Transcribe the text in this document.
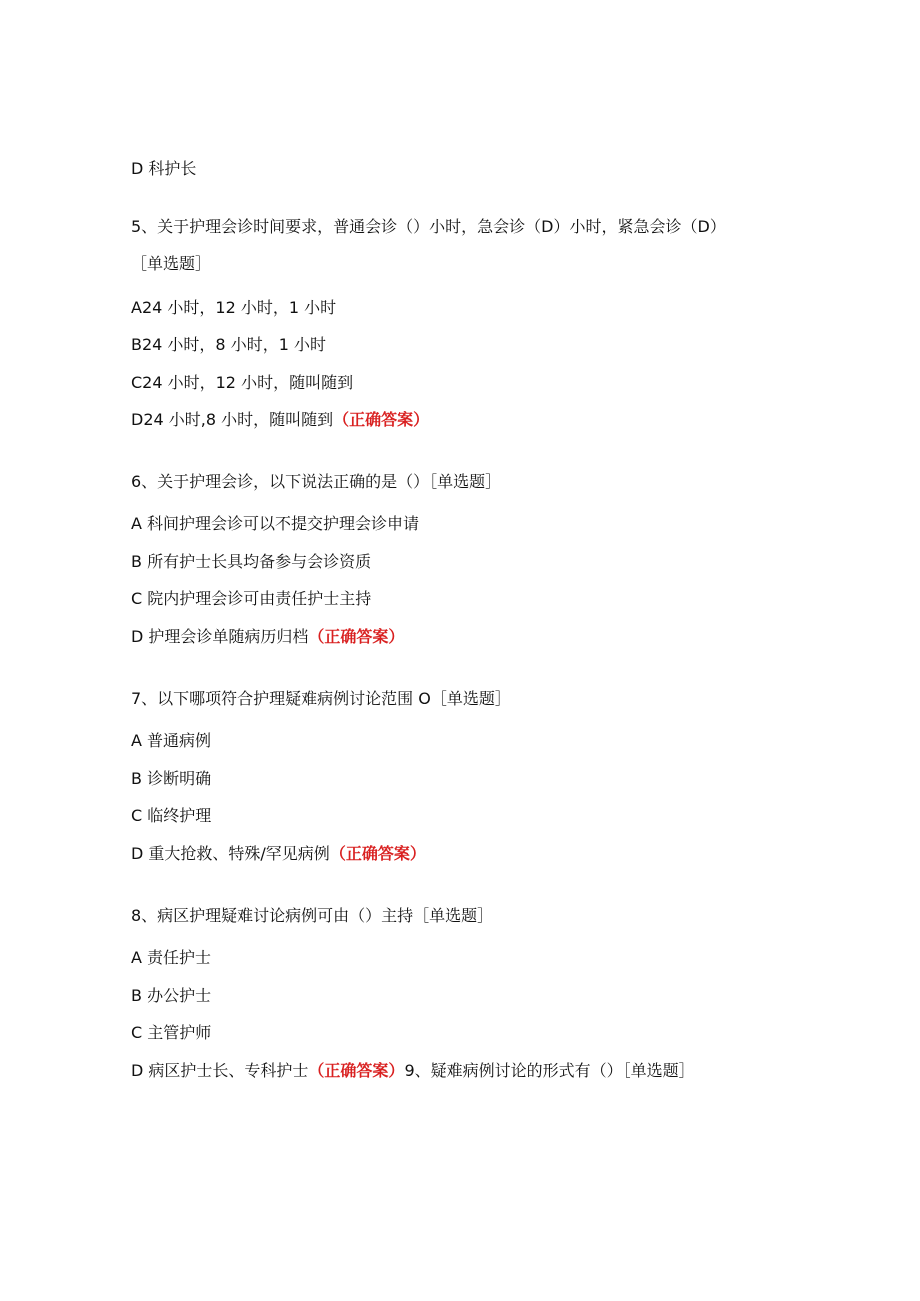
D 科护长
5、关于护理会诊时间要求，普通会诊（）小时，急会诊（D）小时，紧急会诊（D）
［单选题］
A24 小时，12 小时，1 小时
B24 小时，8 小时，1 小时
C24 小时，12 小时，随叫随到
D24 小时,8 小时，随叫随到（正确答案）
6、关于护理会诊，以下说法正确的是（）［单选题］
A 科间护理会诊可以不提交护理会诊申请
B 所有护士长具均备参与会诊资质
C 院内护理会诊可由责任护士主持
D 护理会诊单随病历归档（正确答案）
7、以下哪项符合护理疑难病例讨论范围 O［单选题］
A 普通病例
B 诊断明确
C 临终护理
D 重大抢救、特殊/罕见病例（正确答案）
8、病区护理疑难讨论病例可由（）主持［单选题］
A 责任护士
B 办公护士
C 主管护师
D 病区护士长、专科护士（正确答案）9、疑难病例讨论的形式有（）［单选题］
